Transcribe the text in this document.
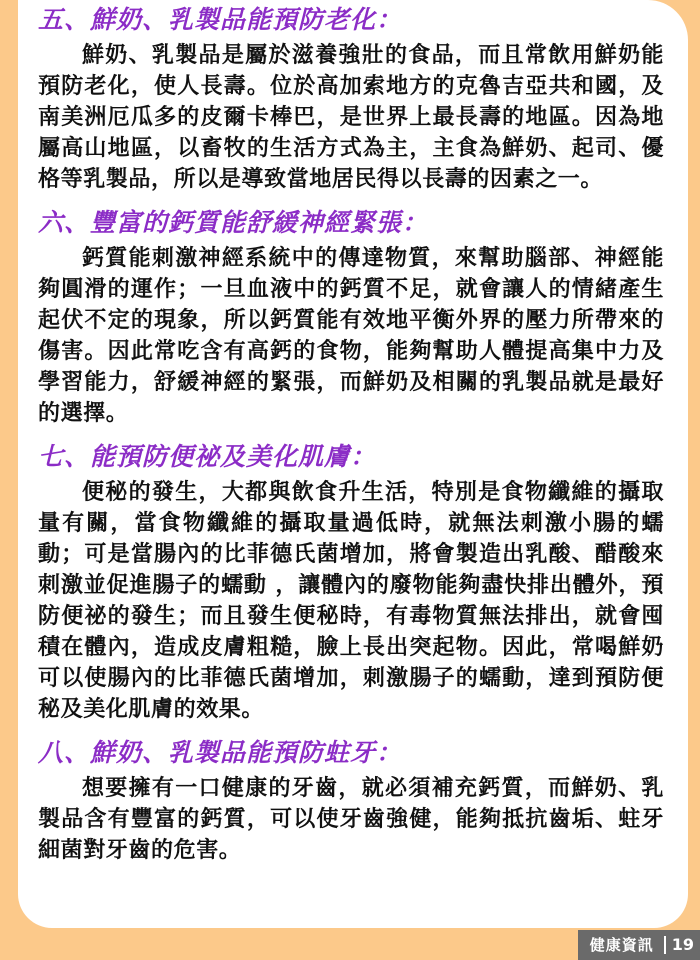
五、鮮奶、乳製品能預防老化：

鮮奶、乳製品是屬於滋養強壯的食品，而且常飲用鮮奶能預防老化，使人長壽。位於高加索地方的克魯吉亞共和國，及南美洲厄瓜多的皮爾卡棒巴，是世界上最長壽的地區。因為地屬高山地區，以畜牧的生活方式為主，主食為鮮奶、起司、優格等乳製品，所以是導致當地居民得以長壽的因素之一。

六、豐富的鈣質能舒緩神經緊張：

鈣質能刺激神經系統中的傳達物質，來幫助腦部、神經能夠圓滑的運作；一旦血液中的鈣質不足，就會讓人的情緒產生起伏不定的現象，所以鈣質能有效地平衡外界的壓力所帶來的傷害。因此常吃含有高鈣的食物，能夠幫助人體提高集中力及學習能力，舒緩神經的緊張，而鮮奶及相關的乳製品就是最好的選擇。

七、能預防便祕及美化肌膚：

便秘的發生，大都與飲食升生活，特別是食物纖維的攝取量有關，當食物纖維的攝取量過低時，就無法刺激小腸的蠕動；可是當腸內的比菲德氏菌增加，將會製造出乳酸、醋酸來刺激並促進腸子的蠕動 ，讓體內的廢物能夠盡快排出體外，預防便祕的發生；而且發生便秘時，有毒物質無法排出，就會囤積在體內，造成皮膚粗糙，臉上長出突起物。因此，常喝鮮奶可以使腸內的比菲德氏菌增加，刺激腸子的蠕動，達到預防便秘及美化肌膚的效果。

八、鮮奶、乳製品能預防蛀牙：

想要擁有一口健康的牙齒，就必須補充鈣質，而鮮奶、乳製品含有豐富的鈣質，可以使牙齒強健，能夠抵抗齒垢、蛀牙細菌對牙齒的危害。

健康資訊	19
